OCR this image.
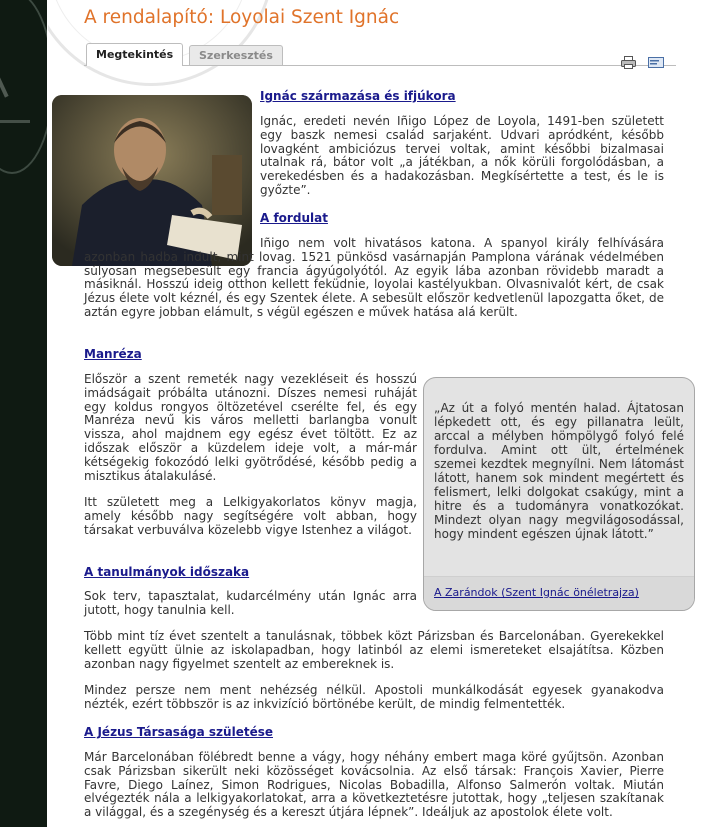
A rendalapító: Loyolai Szent Ignác
Megtekintés	Szerkesztés
Ignác származása és ifjúkora

Ignác, eredeti nevén Iñigo López de Loyola, 1491-ben született egy baszk nemesi család sarjaként. Udvari apródként, később lovagként ambiciózus tervei voltak, amint későbbi bizalmasai utalnak rá, bátor volt „a játékban, a nők körüli forgolódásban, a verekedésben és a hadakozásban. Megkísértette a test, és le is győzte”.

A fordulat

Iñigo nem volt hivatásos katona. A spanyol király felhívására azonban hadba indult, mint lovag. 1521 pünkösd vasárnapján Pamplona várának védelmében súlyosan megsebesült egy francia ágyúgolyótól. Az egyik lába azonban rövidebb maradt a másiknál. Hosszú ideig otthon kellett feküdnie, loyolai kastélyukban. Olvasnivalót kért, de csak Jézus élete volt kéznél, és egy Szentek élete. A sebesült először kedvetlenül lapozgatta őket, de aztán egyre jobban elámult, s végül egészen e művek hatása alá került.

Manréza

Először a szent remeték nagy vezekléseit és hosszú imádságait próbálta utánozni. Díszes nemesi ruháját egy koldus rongyos öltözetével cserélte fel, és egy Manréza nevű kis város melletti barlangba vonult vissza, ahol majdnem egy egész évet töltött. Ez az időszak először a küzdelem ideje volt, a már-már kétségekig fokozódó lelki gyötrődésé, később pedig a misztikus átalakulásé.

Itt született meg a Lelkigyakorlatos könyv magja, amely később nagy segítségére volt abban, hogy társakat verbuválva közelebb vigye Istenhez a világot.

A tanulmányok időszaka

Sok terv, tapasztalat, kudarcélmény után Ignác arra jutott, hogy tanulnia kell.

Több mint tíz évet szentelt a tanulásnak, többek közt Párizsban és Barcelonában. Gyerekekkel kellett együtt ülnie az iskolapadban, hogy latinból az elemi ismereteket elsajátítsa. Közben azonban nagy figyelmet szentelt az embereknek is.

Mindez persze nem ment nehézség nélkül. Apostoli munkálkodását egyesek gyanakodva nézték, ezért többször is az inkvizíció börtönébe került, de mindig felmentették.

A Jézus Társasága születése

Már Barcelonában fölébredt benne a vágy, hogy néhány embert maga köré gyűjtsön. Azonban csak Párizsban sikerült neki közösséget kovácsolnia. Az első társak: François Xavier, Pierre Favre, Diego Laínez, Simon Rodrigues, Nicolas Bobadilla, Alfonso Salmerón voltak. Miután elvégezték nála a lelkigyakorlatokat, arra a következtetésre jutottak, hogy „teljesen szakítanak a világgal, és a szegénység és a kereszt útjára lépnek”. Ideáljuk az apostolok élete volt.

„Az út a folyó mentén halad. Ájtatosan lépkedett ott, és egy pillanatra leült, arccal a mélyben hömpölygő folyó felé fordulva. Amint ott ült, értelmének szemei kezdtek megnyílni. Nem látomást látott, hanem sok mindent megértett és felismert, lelki dolgokat csakúgy, mint a hitre és a tudományra vonatkozókat. Mindezt olyan nagy megvilágosodással, hogy mindent egészen újnak látott.”

A Zarándok (Szent Ignác önéletrajza)
